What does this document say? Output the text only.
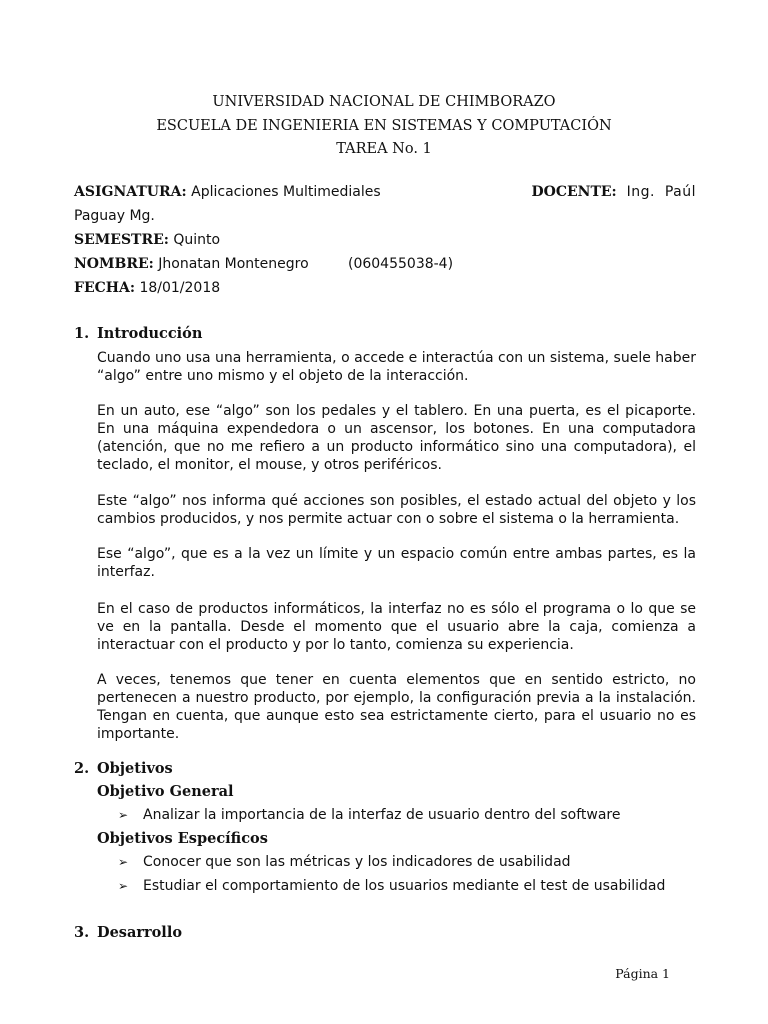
UNIVERSIDAD NACIONAL DE CHIMBORAZO
ESCUELA DE INGENIERIA EN SISTEMAS Y COMPUTACIÓN
TAREA No. 1
ASIGNATURA: Aplicaciones Multimediales	DOCENTE:  Ing.  Paúl
Paguay Mg.
SEMESTRE: Quinto
NOMBRE: Jhonatan Montenegro	(060455038-4)
FECHA: 18/01/2018
1. Introducción
Cuando uno usa una herramienta, o accede e interactúa con un sistema, suele haber “algo” entre uno mismo y el objeto de la interacción.
En un auto, ese “algo” son los pedales y el tablero. En una puerta, es el picaporte. En una máquina expendedora o un ascensor, los botones. En una computadora (atención, que no me refiero a un producto informático sino una computadora), el teclado, el monitor, el mouse, y otros periféricos.
Este “algo” nos informa qué acciones son posibles, el estado actual del objeto y los cambios producidos, y nos permite actuar con o sobre el sistema o la herramienta.
Ese “algo”, que es a la vez un límite y un espacio común entre ambas partes, es la interfaz.
En el caso de productos informáticos, la interfaz no es sólo el programa o lo que se ve en la pantalla. Desde el momento que el usuario abre la caja, comienza a interactuar con el producto y por lo tanto, comienza su experiencia.
A veces, tenemos que tener en cuenta elementos que en sentido estricto, no pertenecen a nuestro producto, por ejemplo, la configuración previa a la instalación. Tengan en cuenta, que aunque esto sea estrictamente cierto, para el usuario no es importante.
2. Objetivos
Objetivo General
➢ Analizar la importancia de la interfaz de usuario dentro del software
Objetivos Específicos
➢ Conocer que son las métricas y los indicadores de usabilidad
➢ Estudiar el comportamiento de los usuarios mediante el test de usabilidad
3. Desarrollo
Página 1
